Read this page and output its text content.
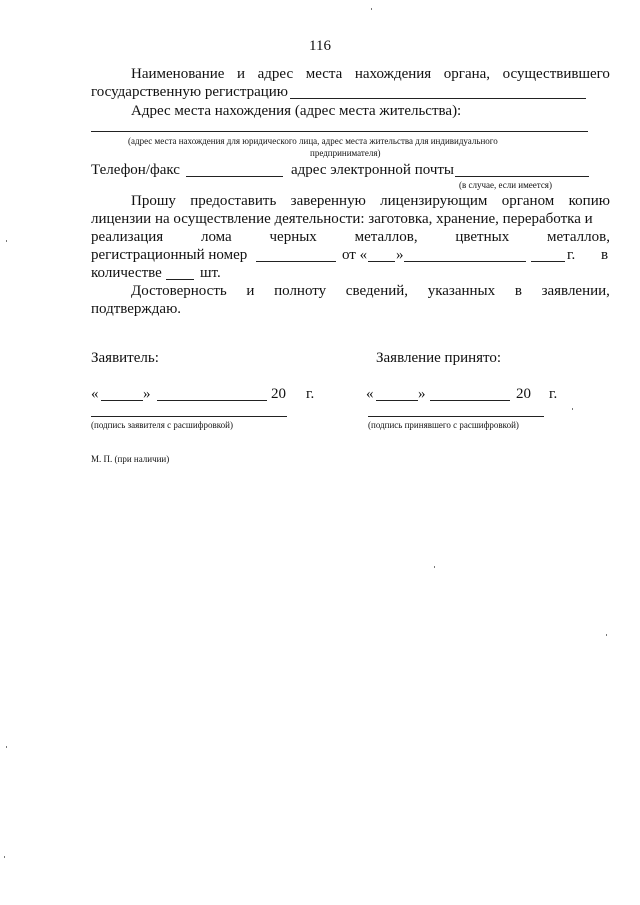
116
Наименование и адрес места нахождения органа, осуществившего
государственную регистрацию
Адрес места нахождения (адрес места жительства):
(адрес места нахождения для юридического лица, адрес места жительства для индивидуального
предпринимателя)
Телефон/факс	адрес электронной почты
(в случае, если имеется)
Прошу предоставить заверенную лицензирующим органом копию
лицензии на осуществление деятельности: заготовка, хранение, переработка и
реализация	лома	черных	металлов,	цветных	металлов,
регистрационный номер	от « »	г. в
количестве	шт.
Достоверность и полноту сведений, указанных в заявлении,
подтверждаю.
Заявитель:
«	»	20 г.
(подпись заявителя с расшифровкой)
Заявление принято:
«	»	20 г.
(подпись принявшего с расшифровкой)
М. П. (при наличии)
